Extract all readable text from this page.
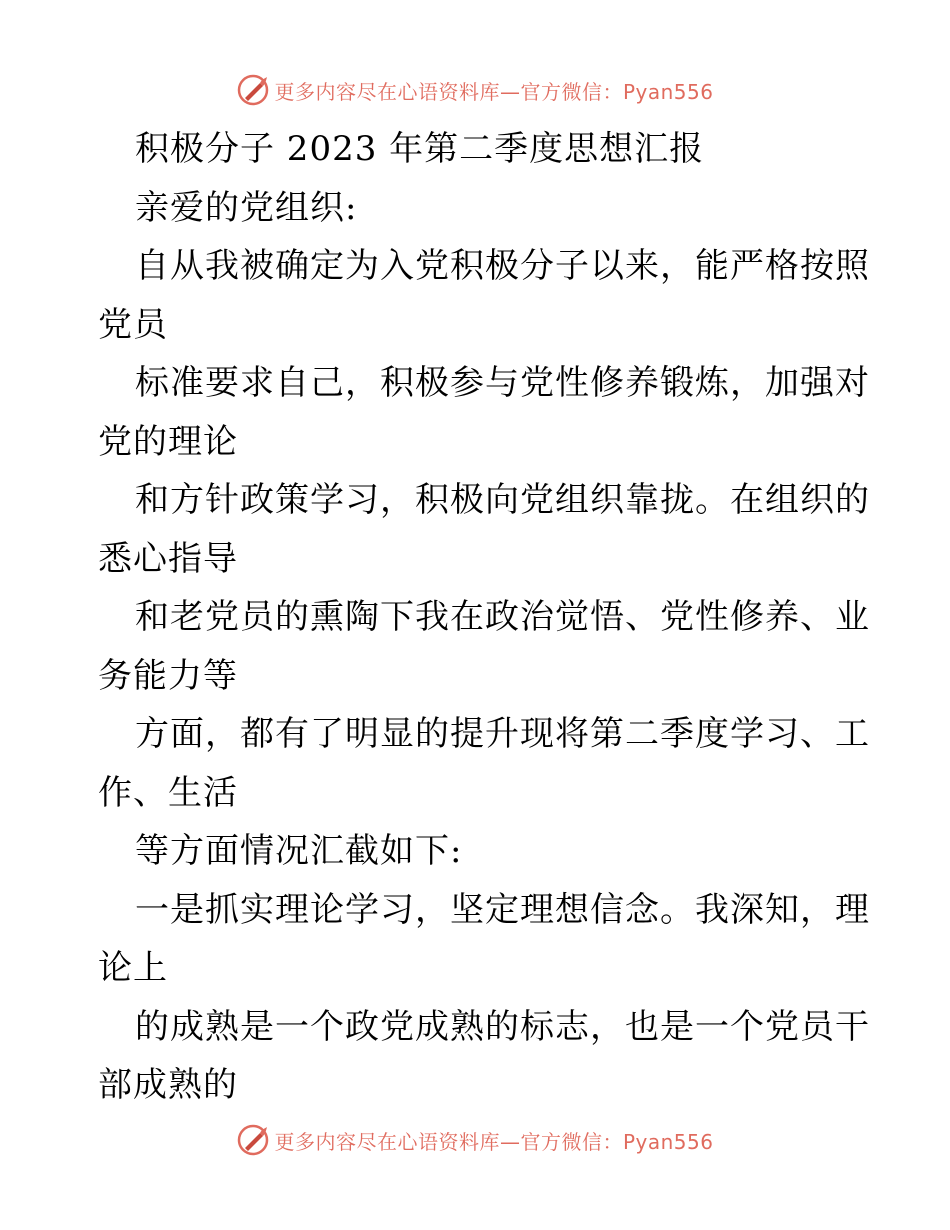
更多内容尽在心语资料库—官方微信：Pyan556
积极分子 2023 年第二季度思想汇报
亲爱的党组织:
自从我被确定为入党积极分子以来，能严格按照
党员
标准要求自己，积极参与党性修养锻炼，加强对
党的理论
和方针政策学习，积极向党组织靠拢。在组织的
悉心指导
和老党员的熏陶下我在政治觉悟、党性修养、业
务能力等
方面，都有了明显的提升现将第二季度学习、工
作、生活
等方面情况汇截如下:
一是抓实理论学习，坚定理想信念。我深知，理
论上
的成熟是一个政党成熟的标志，也是一个党员干
部成熟的
更多内容尽在心语资料库—官方微信：Pyan556
